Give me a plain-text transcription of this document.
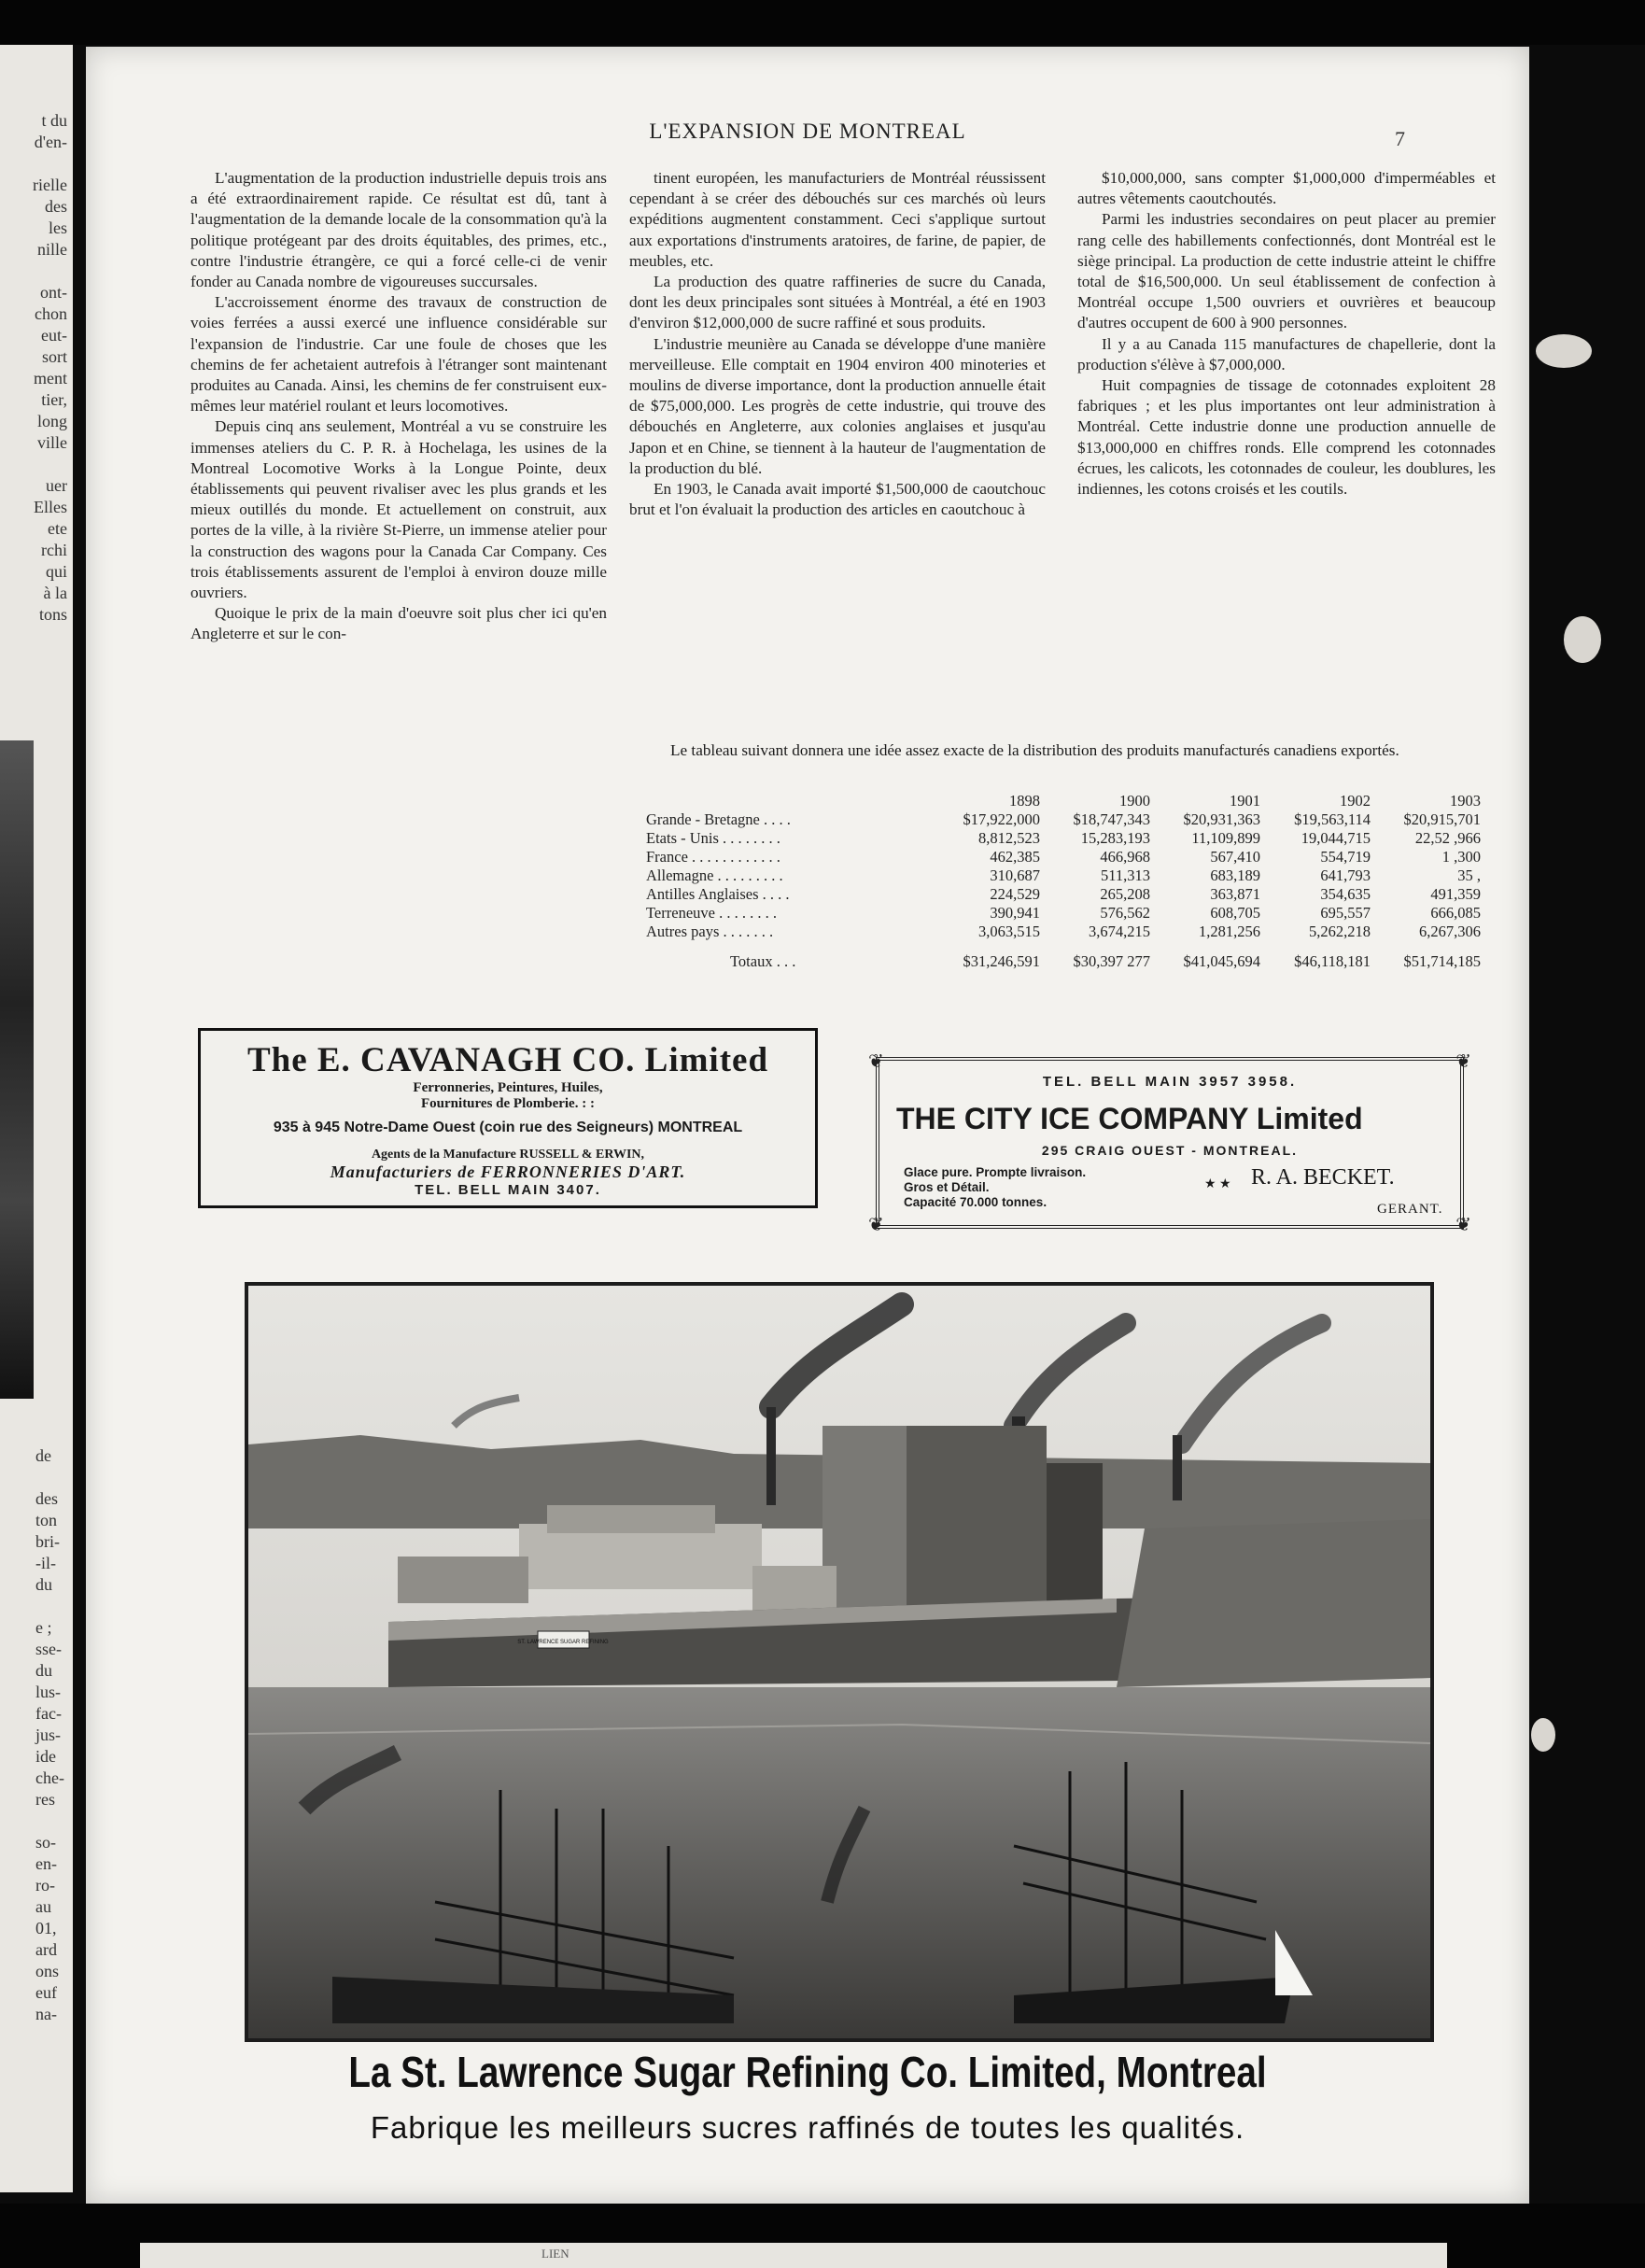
t du
d'en-
rielle
des
les
nille
ont-
chon
eut-
sort
ment
tier,
long
ville
uer
Elles
ete
rchi
qui
à la
tons
de
des
ton
bri-
-il-
du
e ;
sse-
du
lus-
fac-
jus-
ide
che-
res
so-
en-
ro-
au
01,
ard
ons
euf
na-
L'EXPANSION DE MONTREAL	7

L'augmentation de la production industrielle depuis trois ans a été extraordinairement rapide. Ce résultat est dû, tant à l'augmentation de la demande locale de la consommation qu'à la politique protégeant par des droits équitables, des primes, etc., contre l'industrie étrangère, ce qui a forcé celle-ci de venir fonder au Canada nombre de vigoureuses succursales.

L'accroissement énorme des travaux de construction de voies ferrées a aussi exercé une influence considérable sur l'expansion de l'industrie. Car une foule de choses que les chemins de fer achetaient autrefois à l'étranger sont maintenant produites au Canada. Ainsi, les chemins de fer construisent eux-mêmes leur matériel roulant et leurs locomotives.

Depuis cinq ans seulement, Montréal a vu se construire les immenses ateliers du C. P. R. à Hochelaga, les usines de la Montreal Locomotive Works à la Longue Pointe, deux établissements qui peuvent rivaliser avec les plus grands et les mieux outillés du monde. Et actuellement on construit, aux portes de la ville, à la rivière St-Pierre, un immense atelier pour la construction des wagons pour la Canada Car Company. Ces trois établissements assurent de l'emploi à environ douze mille ouvriers.

Quoique le prix de la main d'oeuvre soit plus cher ici qu'en Angleterre et sur le con-

tinent européen, les manufacturiers de Montréal réussissent cependant à se créer des débouchés sur ces marchés où leurs expéditions augmentent constamment. Ceci s'applique surtout aux exportations d'instruments aratoires, de farine, de papier, de meubles, etc.

La production des quatre raffineries de sucre du Canada, dont les deux principales sont situées à Montréal, a été en 1903 d'environ $12,000,000 de sucre raffiné et sous produits.

L'industrie meunière au Canada se développe d'une manière merveilleuse. Elle comptait en 1904 environ 400 minoteries et moulins de diverse importance, dont la production annuelle était de $75,000,000. Les progrès de cette industrie, qui trouve des débouchés en Angleterre, aux colonies anglaises et jusqu'au Japon et en Chine, se tiennent à la hauteur de l'augmentation de la production du blé.

En 1903, le Canada avait importé $1,500,000 de caoutchouc brut et l'on évaluait la production des articles en caoutchouc à

$10,000,000, sans compter $1,000,000 d'imperméables et autres vêtements caoutchoutés.

Parmi les industries secondaires on peut placer au premier rang celle des habillements confectionnés, dont Montréal est le siège principal. La production de cette industrie atteint le chiffre total de $16,500,000. Un seul établissement de confection à Montréal occupe 1,500 ouvriers et ouvrières et beaucoup d'autres occupent de 600 à 900 personnes.

Il y a au Canada 115 manufactures de chapellerie, dont la production s'élève à $7,000,000.

Huit compagnies de tissage de cotonnades exploitent 28 fabriques ; et les plus importantes ont leur administration à Montréal. Cette industrie donne une production annuelle de $13,000,000 en chiffres ronds. Elle comprend les cotonnades écrues, les calicots, les cotonnades de couleur, les doublures, les indiennes, les cotons croisés et les coutils.

Le tableau suivant donnera une idée assez exacte de la distribution des produits manufacturés canadiens exportés.
	1898	1900	1901	1902	1903
Grande - Bretagne . . . .	$17,922,000	$18,747,343	$20,931,363	$19,563,114	$20,915,701
Etats - Unis . . . . . . . .	8,812,523	15,283,193	11,109,899	19,044,715	22,52 ,966
France . . . . . . . . . . . .	462,385	466,968	567,410	554,719	1 ,300
Allemagne . . . . . . . . .	310,687	511,313	683,189	641,793	35 ,
Antilles Anglaises . . . .	224,529	265,208	363,871	354,635	491,359
Terreneuve . . . . . . . .	390,941	576,562	608,705	695,557	666,085
Autres pays . . . . . . .	3,063,515	3,674,215	1,281,256	5,262,218	6,267,306
Totaux . . .	$31,246,591	$30,397 277	$41,045,694	$46,118,181	$51,714,185
The E. CAVANAGH CO. Limited
Ferronneries, Peintures, Huiles,
Fournitures de Plomberie. : :
935 à 945 Notre-Dame Ouest (coin rue des Seigneurs) MONTREAL
Agents de la Manufacture RUSSELL & ERWIN,
Manufacturiers de FERRONNERIES D'ART.
TEL. BELL MAIN 3407.
❦	❦
❦	❦
TEL. BELL MAIN 3957 3958.
THE CITY ICE COMPANY Limited
295 CRAIG OUEST - MONTREAL.
Glace pure. Prompte livraison.
Gros et Détail.
Capacité 70.000 tonnes.
★ ★ R. A. BECKET.
GERANT.
ST. LAWRENCE SUGAR REFINING
La St. Lawrence Sugar Refining Co. Limited, Montreal
Fabrique les meilleurs sucres raffinés de toutes les qualités.
LIEN
